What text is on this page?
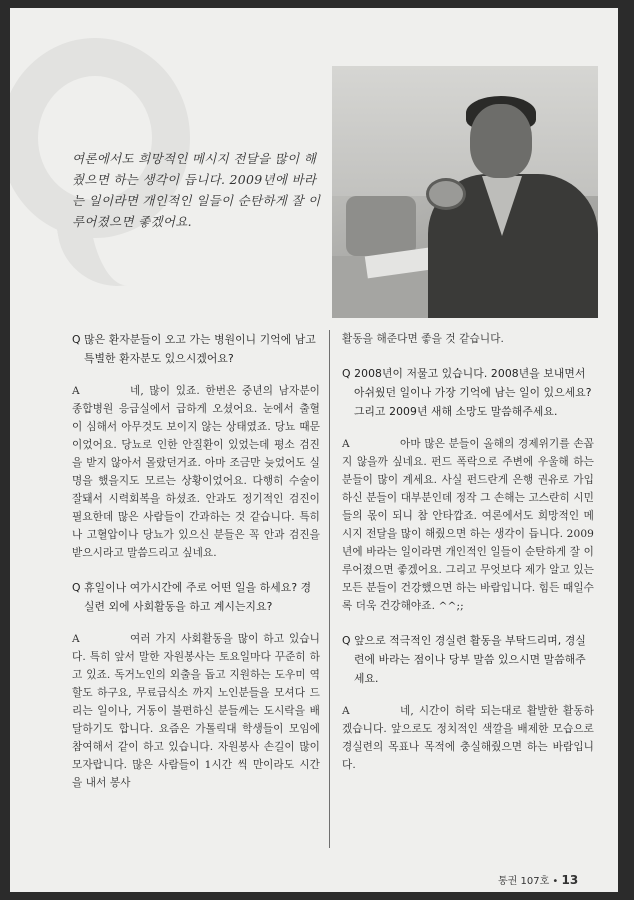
여론에서도 희망적인 메시지 전달을 많이 해줬으면 하는 생각이 듭니다. 2009년에 바라는 일이라면 개인적인 일들이 순탄하게 잘 이루어졌으면 좋겠어요.

Q 많은 환자분들이 오고 가는 병원이니 기억에 남고 특별한 환자분도 있으시겠어요?

A	네, 많이 있죠. 한번은 중년의 남자분이 종합병원 응급실에서 급하게 오셨어요. 눈에서 출혈이 심해서 아무것도 보이지 않는 상태였죠. 당뇨 때문이었어요. 당뇨로 인한 안질환이 있었는데 평소 검진을 받지 않아서 몰랐던거죠. 아마 조금만 늦었어도 실명을 했을지도 모르는 상황이었어요. 다행히 수술이 잘돼서 시력회복을 하셨죠. 안과도 정기적인 검진이 필요한데 많은 사람들이 간과하는 것 같습니다. 특히나 고혈압이나 당뇨가 있으신 분들은 꼭 안과 검진을 받으시라고 말씀드리고 싶네요.

Q 휴일이나 여가시간에 주로 어떤 일을 하세요? 경실련 외에 사회활동을 하고 계시는지요?

A	여러 가지 사회활동을 많이 하고 있습니다. 특히 앞서 말한 자원봉사는 토요일마다 꾸준히 하고 있죠. 독거노인의 외출을 돕고 지원하는 도우미 역할도 하구요, 무료급식소 까지 노인분들을 모셔다 드리는 일이나, 거동이 불편하신 분들께는 도시락을 배달하기도 합니다. 요즘은 가톨릭대 학생들이 모임에 참여해서 같이 하고 있습니다. 자원봉사 손길이 많이 모자랍니다. 많은 사람들이 1시간 씩 만이라도 시간을 내서 봉사

활동을 해준다면 좋을 것 같습니다.

Q 2008년이 저물고 있습니다. 2008년을 보내면서 아쉬웠던 일이나 가장 기억에 남는 일이 있으세요? 그리고 2009년 새해 소망도 말씀해주세요.

A	아마 많은 분들이 올해의 경제위기를 손꼽지 않을까 싶네요. 펀드 폭락으로 주변에 우울해 하는 분들이 많이 계세요. 사실 펀드란게 은행 권유로 가입하신 분들이 대부분인데 정작 그 손해는 고스란히 시민들의 몫이 되니 참 안타깝죠. 여론에서도 희망적인 메시지 전달을 많이 해줬으면 하는 생각이 듭니다. 2009년에 바라는 일이라면 개인적인 일들이 순탄하게 잘 이루어졌으면 좋겠어요. 그리고 무엇보다 제가 알고 있는 모든 분들이 건강했으면 하는 바람입니다. 힘든 때일수록 더욱 건강해야죠. ^^;;

Q 앞으로 적극적인 경실련 활동을 부탁드리며, 경실련에 바라는 점이나 당부 말씀 있으시면 말씀해주세요.

A	네, 시간이 허락 되는대로 활발한 활동하겠습니다. 앞으로도 정치적인 색깔을 배제한 모습으로 경실련의 목표나 목적에 충실해줬으면 하는 바람입니다.

통권 107호 • 13
